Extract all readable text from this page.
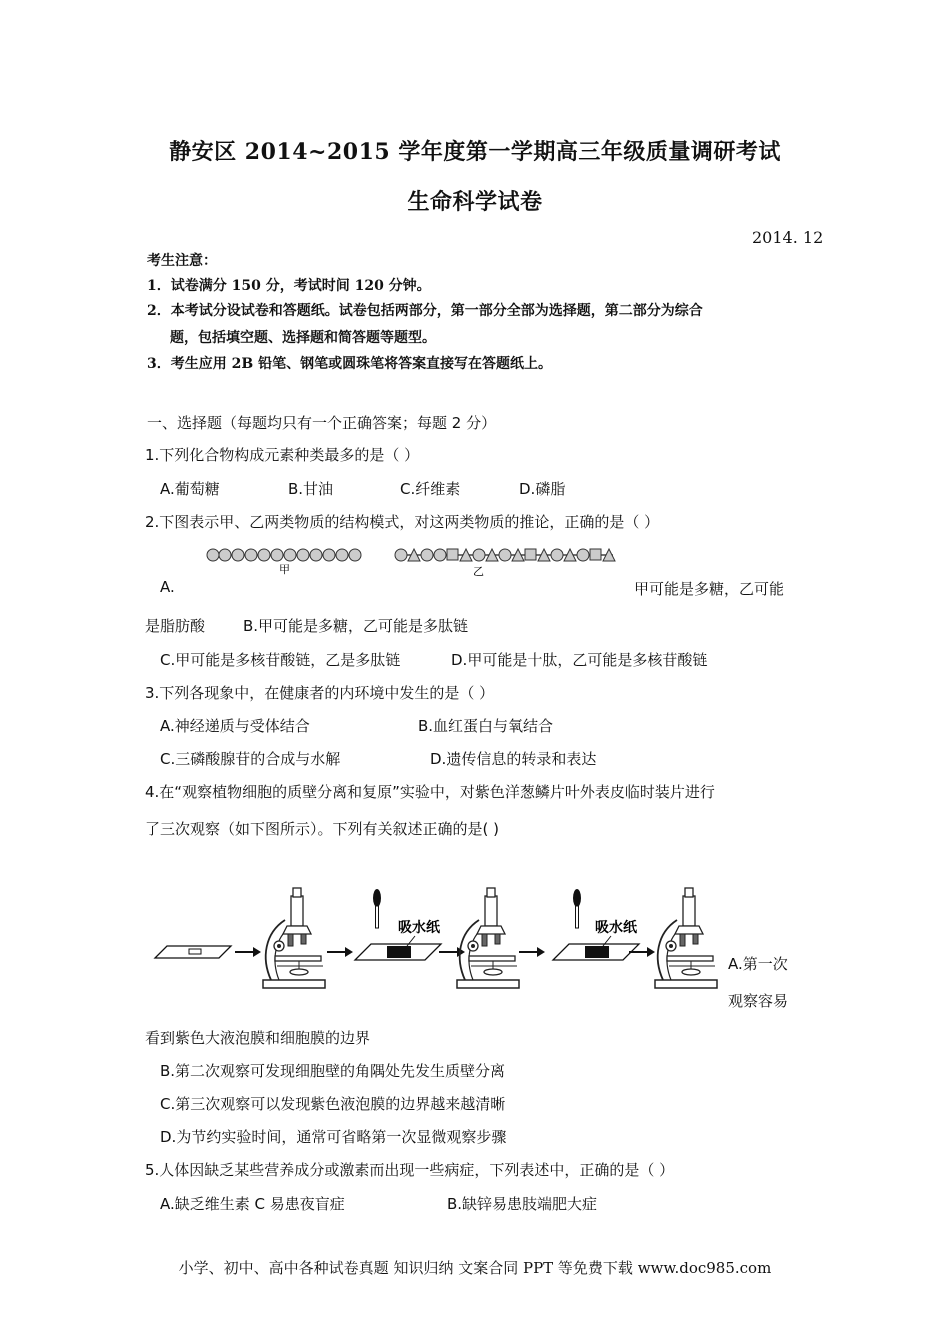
静安区 2014~2015 学年度第一学期高三年级质量调研考试
生命科学试卷
2014. 12
考生注意：
1．试卷满分 150 分，考试时间 120 分钟。
2．本考试分设试卷和答题纸。试卷包括两部分，第一部分全部为选择题，第二部分为综合
题，包括填空题、选择题和简答题等题型。
3．考生应用 2B 铅笔、钢笔或圆珠笔将答案直接写在答题纸上。
一、选择题（每题均只有一个正确答案；每题 2 分）
1.下列化合物构成元素种类最多的是（ ）
A.葡萄糖	B.甘油	C.纤维素	D.磷脂
2.下图表示甲、乙两类物质的结构模式，对这两类物质的推论，正确的是（ ）
甲	乙
A.	甲可能是多糖，乙可能
是脂肪酸	B.甲可能是多糖，乙可能是多肽链
C.甲可能是多核苷酸链，乙是多肽链	D.甲可能是十肽，乙可能是多核苷酸链
3.下列各现象中，在健康者的内环境中发生的是（ ）
A.神经递质与受体结合	B.血红蛋白与氧结合
C.三磷酸腺苷的合成与水解	D.遗传信息的转录和表达
4.在“观察植物细胞的质壁分离和复原”实验中，对紫色洋葱鳞片叶外表皮临时装片进行
了三次观察（如下图所示）。下列有关叙述正确的是( )
吸水纸	吸水纸
A.第一次
观察容易
看到紫色大液泡膜和细胞膜的边界
B.第二次观察可发现细胞壁的角隅处先发生质壁分离
C.第三次观察可以发现紫色液泡膜的边界越来越清晰
D.为节约实验时间，通常可省略第一次显微观察步骤
5.人体因缺乏某些营养成分或激素而出现一些病症，下列表述中，正确的是（ ）
A.缺乏维生素 C 易患夜盲症	B.缺锌易患肢端肥大症
小学、初中、高中各种试卷真题 知识归纳 文案合同 PPT 等免费下载 www.doc985.com
